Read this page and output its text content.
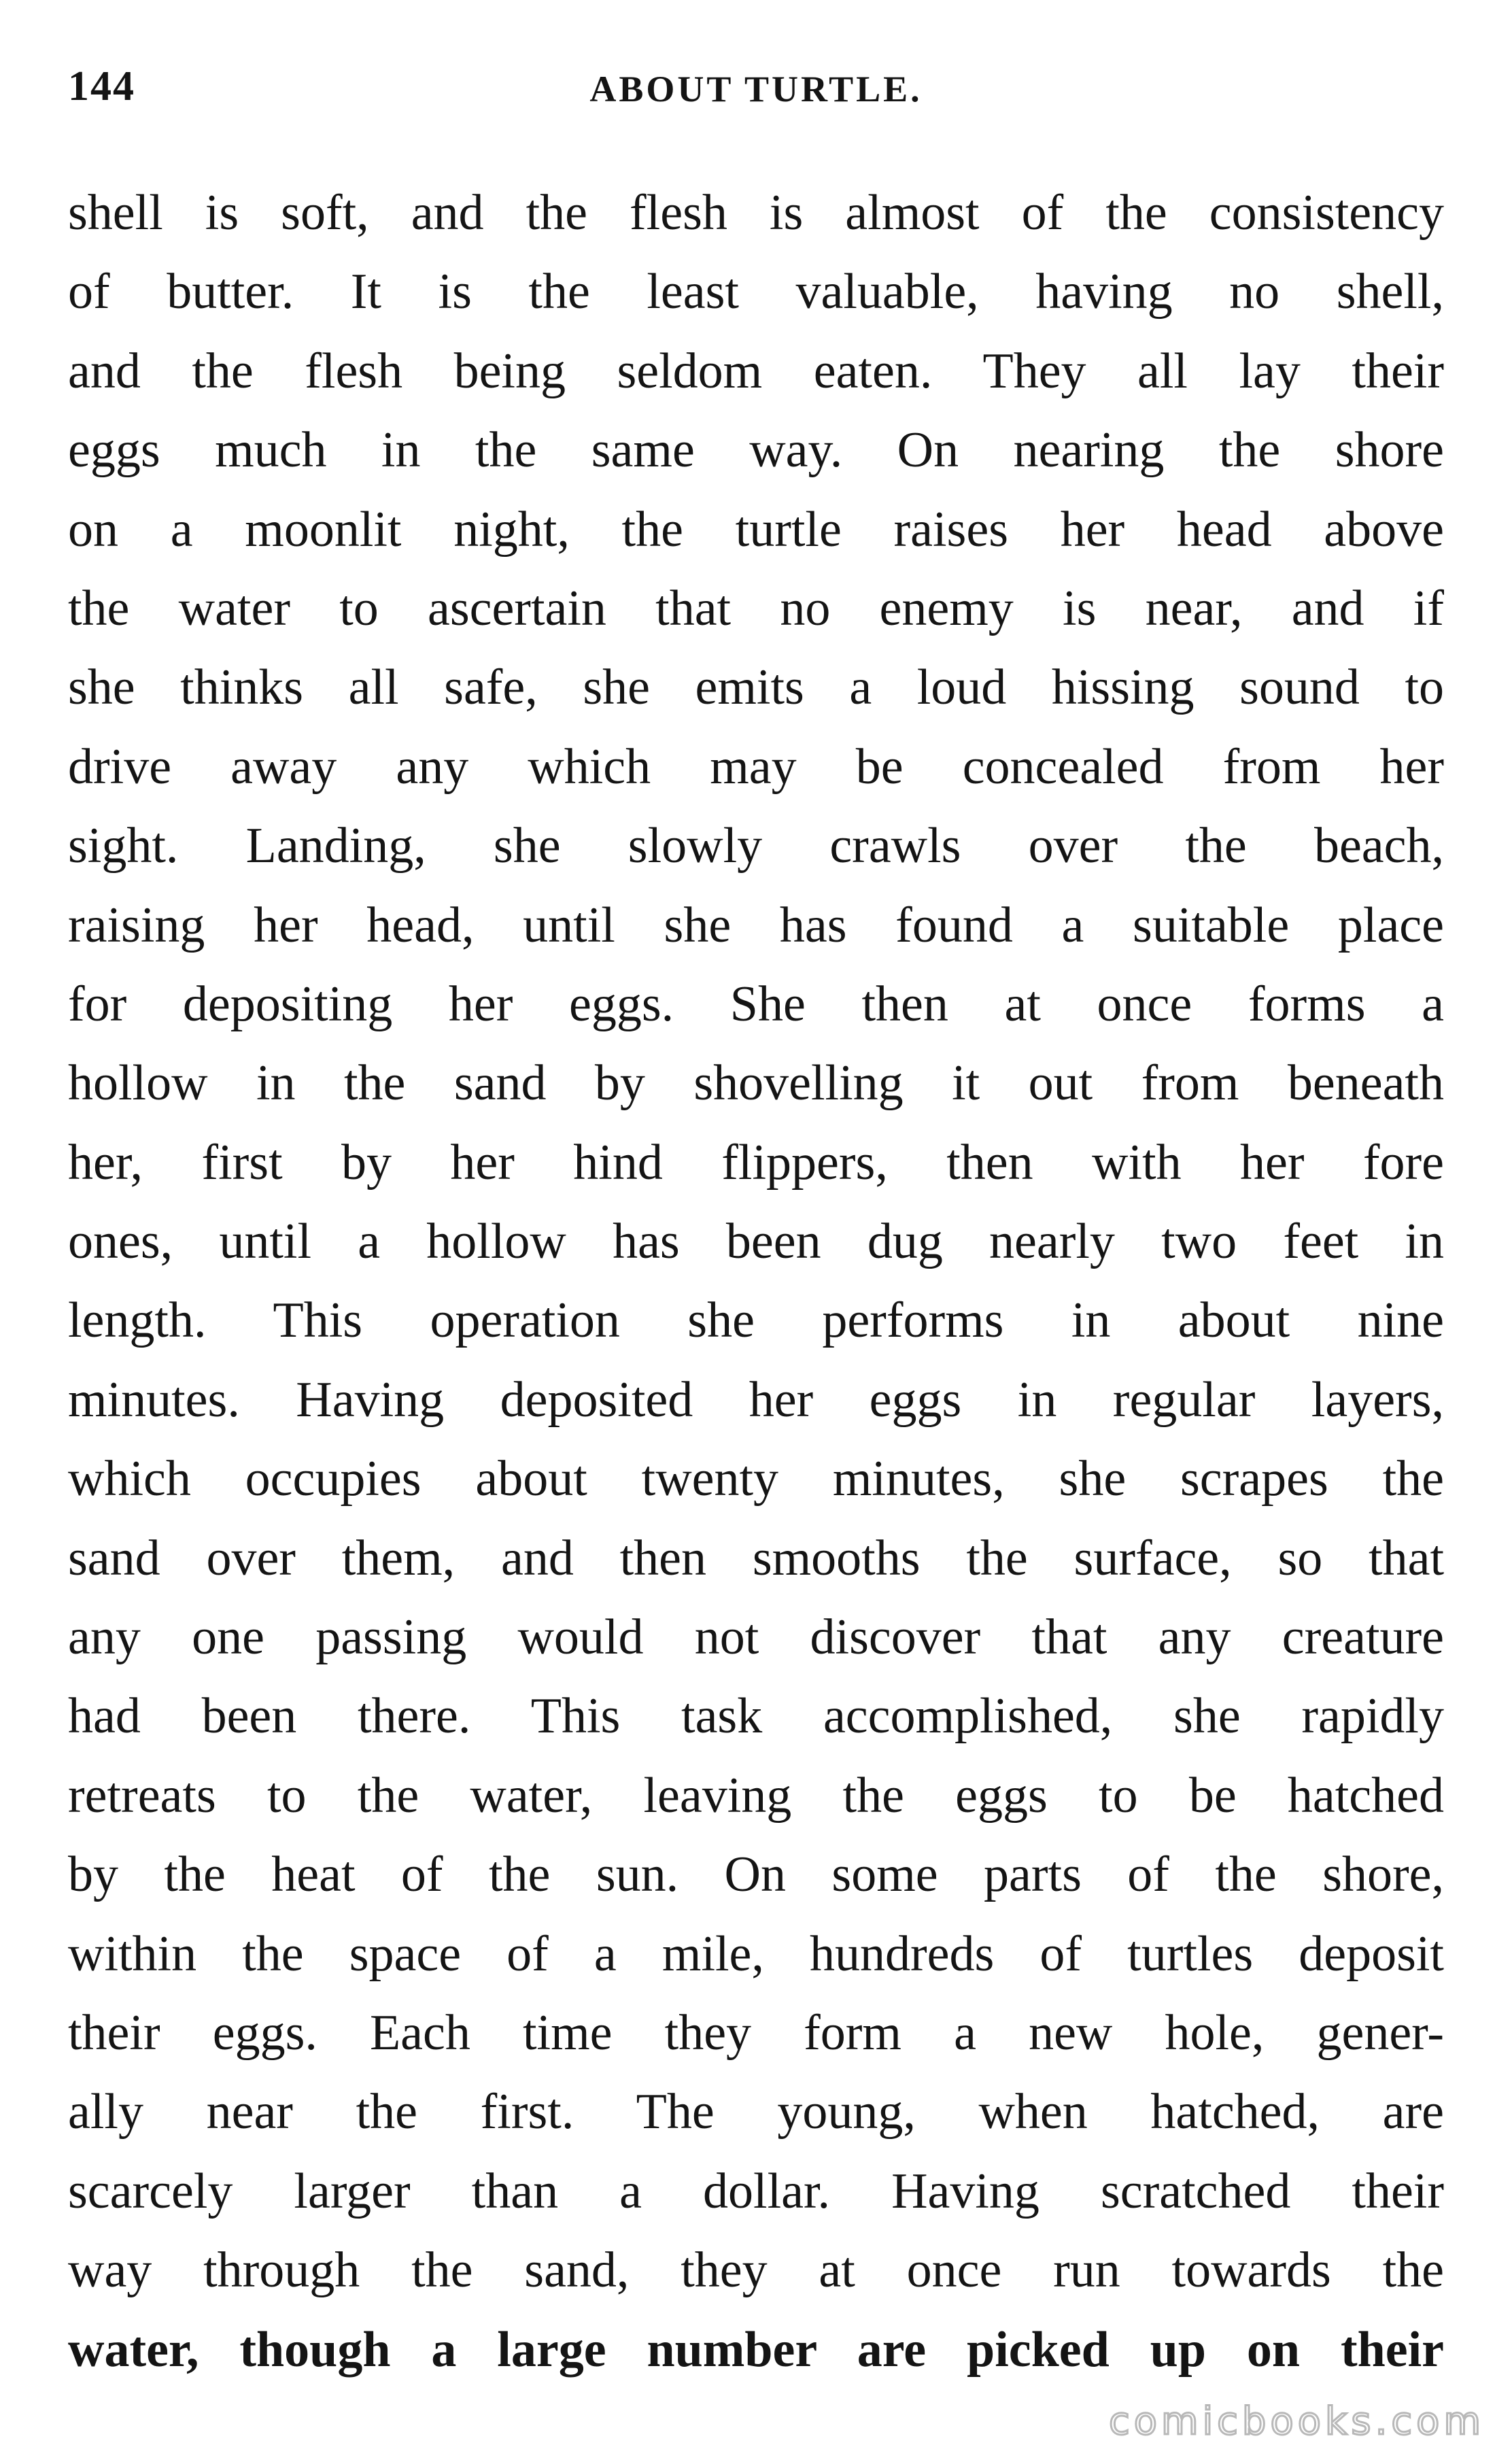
144	ABOUT TURTLE.
shell is soft, and the flesh is almost of the consistency
of butter. It is the least valuable, having no shell,
and the flesh being seldom eaten. They all lay their
eggs much in the same way. On nearing the shore
on a moonlit night, the turtle raises her head above
the water to ascertain that no enemy is near, and if
she thinks all safe, she emits a loud hissing sound to
drive away any which may be concealed from her
sight. Landing, she slowly crawls over the beach,
raising her head, until she has found a suitable place
for depositing her eggs. She then at once forms a
hollow in the sand by shovelling it out from beneath
her, first by her hind flippers, then with her fore
ones, until a hollow has been dug nearly two feet in
length. This operation she performs in about nine
minutes. Having deposited her eggs in regular layers,
which occupies about twenty minutes, she scrapes the
sand over them, and then smooths the surface, so that
any one passing would not discover that any creature
had been there. This task accomplished, she rapidly
retreats to the water, leaving the eggs to be hatched
by the heat of the sun. On some parts of the shore,
within the space of a mile, hundreds of turtles deposit
their eggs. Each time they form a new hole, gener-
ally near the first. The young, when hatched, are
scarcely larger than a dollar. Having scratched their
way through the sand, they at once run towards the
water, though a large number are picked up on their
comicbooks.com
